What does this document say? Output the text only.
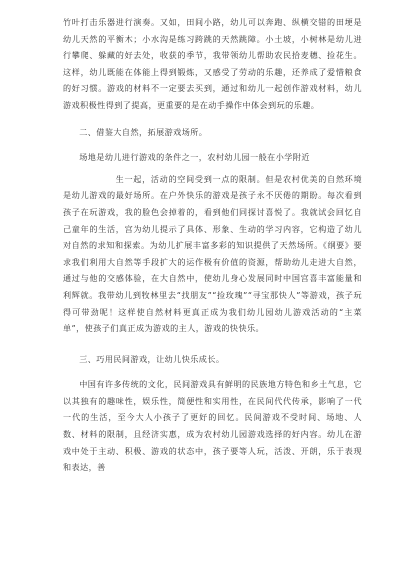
竹叶打击乐器进行演奏。又如，田间小路，幼儿可以奔跑、纵横交错的田埂是幼儿天然的平衡木；小水沟是练习跨跳的天然跳障。小土坡，小树林是幼儿进行攀爬、躲藏的好去处，收获的季节，我带领幼儿帮助农民拾麦穗、捡花生。这样，幼儿既能在体能上得到锻炼，又感受了劳动的乐趣，还养成了爱惜粮食的好习惯。游戏的材料不一定要去买到，通过和幼儿一起创作游戏材料，幼儿游戏积极性得到了提高，更重要的是在动手操作中体会到玩的乐趣。

二、借鉴大自然，拓展游戏场所。

场地是幼儿进行游戏的条件之一，农村幼儿园一般在小学附近

生一起，活动的空间受到一点的限制。但是农村优美的自然环境是幼儿游戏的最好场所。在户外快乐的游戏是孩子永不厌倦的期盼。每次看到孩子在玩游戏，我的脸色会掉着的，看到他们同探讨喜悦了。我就试会回忆自己童年的生活，宫为幼儿提示了具体、形象、生动的学习内容，它构造了幼儿对自然的求知和探索。为幼儿扩展丰富多彩的知识提供了天然场所。《纲要》要求我们利用大自然等手段扩大的运作极有价值的资源，帮助幼儿走进大自然，通过与他的交感体验，在大自然中，使幼儿身心发展同时中国宫喜丰富能量和利辉就。我带幼儿到牧林里去“找朋友”“捡玫瑰”“寻宝那快人”等游戏，孩子玩得可带劲呢！这样使自然材料更真正成为我们幼儿园幼儿游戏活动的“主菜单”，使孩子们真正成为游戏的主人，游戏的快快乐。

三、巧用民间游戏，让幼儿快乐成长。

中国有许多传统的文化，民间游戏具有鲜明的民族地方特色和乡土气息，它以其独有的趣味性，娱乐性，简便性和实用性，在民间代代传承，影响了一代一代的生活，至今大人小孩子了更好的回忆。民间游戏不受时间、场地、人数、材料的限制，且经济实惠，成为农村幼儿园游戏选择的好内容。幼儿在游戏中处于主动、积极、游戏的状态中，孩子要等人玩，活泼、开朗，乐于表现和表达，善
